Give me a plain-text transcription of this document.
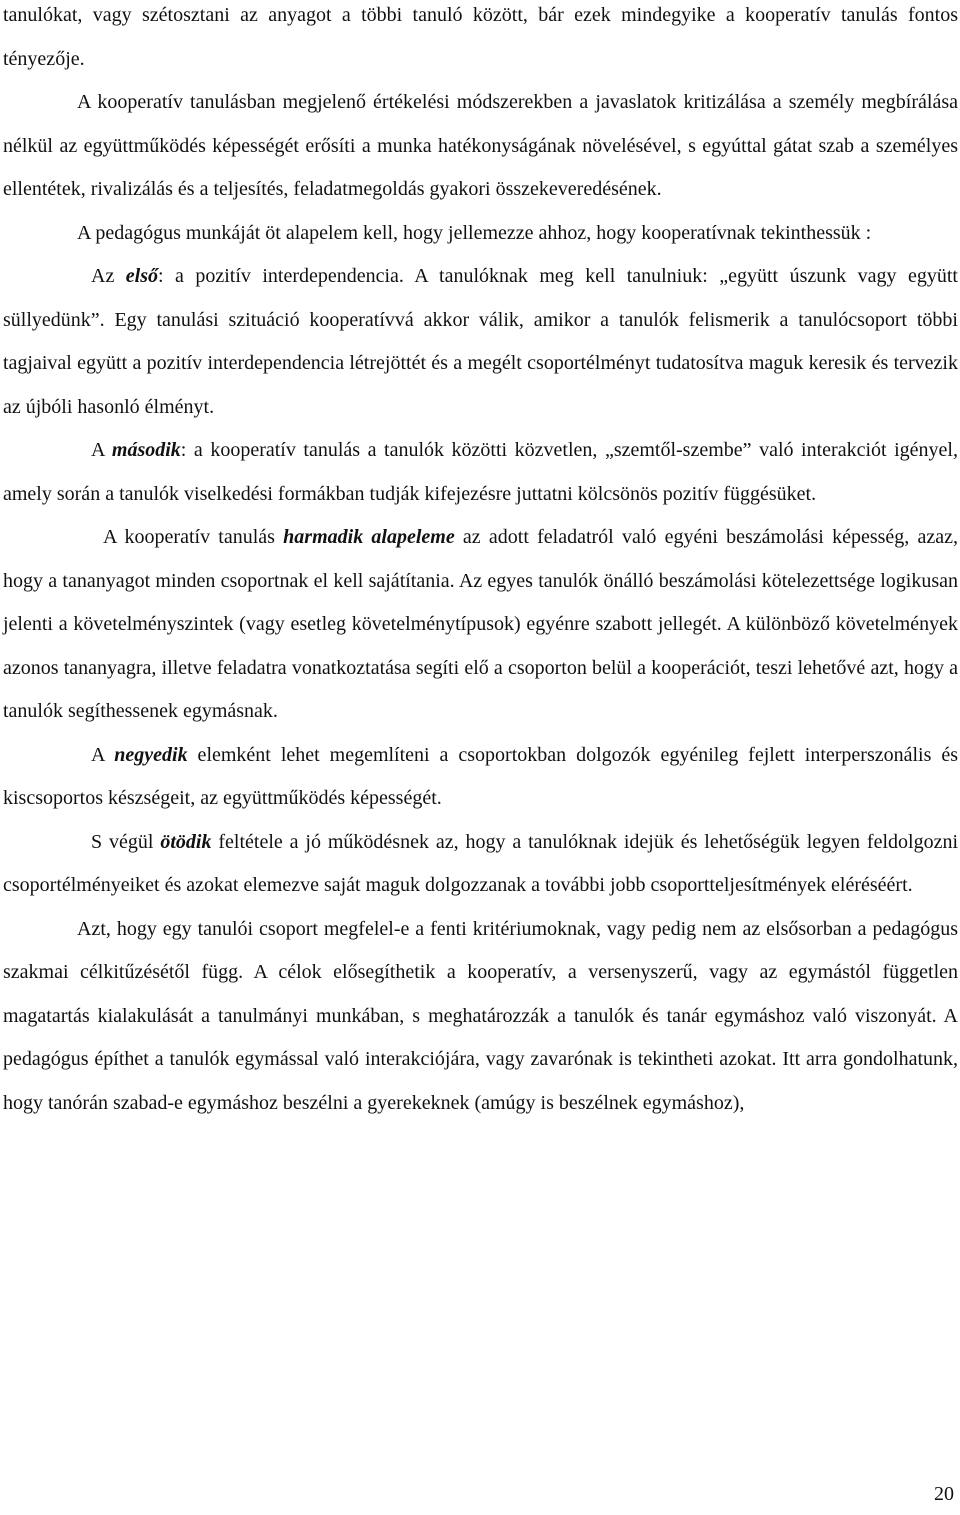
tanulókat, vagy szétosztani az anyagot a többi tanuló között, bár ezek mindegyike a kooperatív tanulás fontos tényezője.

A kooperatív tanulásban megjelenő értékelési módszerekben a javaslatok kritizálása a személy megbírálása nélkül az együttműködés képességét erősíti a munka hatékonyságának növelésével, s egyúttal gátat szab a személyes ellentétek, rivalizálás és a teljesítés, feladatmegoldás gyakori összekeveredésének.

A pedagógus munkáját öt alapelem kell, hogy jellemezze ahhoz, hogy kooperatívnak tekinthessük :

Az első: a pozitív interdependencia. A tanulóknak meg kell tanulniuk: „együtt úszunk vagy együtt süllyedünk”. Egy tanulási szituáció kooperatívvá akkor válik, amikor a tanulók felismerik a tanulócsoport többi tagjaival együtt a pozitív interdependencia létrejöttét és a megélt csoportélményt tudatosítva maguk keresik és tervezik az újbóli hasonló élményt.

A második: a kooperatív tanulás a tanulók közötti közvetlen, „szemtől-szembe” való interakciót igényel, amely során a tanulók viselkedési formákban tudják kifejezésre juttatni kölcsönös pozitív függésüket.

A kooperatív tanulás harmadik alapeleme az adott feladatról való egyéni beszámolási képesség, azaz, hogy a tananyagot minden csoportnak el kell sajátítania. Az egyes tanulók önálló beszámolási kötelezettsége logikusan jelenti a követelményszintek (vagy esetleg követelménytípusok) egyénre szabott jellegét. A különböző követelmények azonos tananyagra, illetve feladatra vonatkoztatása segíti elő a csoporton belül a kooperációt, teszi lehetővé azt, hogy a tanulók segíthessenek egymásnak.

A negyedik elemként lehet megemlíteni a csoportokban dolgozók egyénileg fejlett interperszonális és kiscsoportos készségeit, az együttműködés képességét.

S végül ötödik feltétele a jó működésnek az, hogy a tanulóknak idejük és lehetőségük legyen feldolgozni csoportélményeiket és azokat elemezve saját maguk dolgozzanak a további jobb csoportteljesítmények eléréséért.

Azt, hogy egy tanulói csoport megfelel-e a fenti kritériumoknak, vagy pedig nem az elsősorban a pedagógus szakmai célkitűzésétől függ. A célok elősegíthetik a kooperatív, a versenyszerű, vagy az egymástól független magatartás kialakulását a tanulmányi munkában, s meghatározzák a tanulók és tanár egymáshoz való viszonyát. A pedagógus építhet a tanulók egymással való interakciójára, vagy zavarónak is tekintheti azokat. Itt arra gondolhatunk, hogy tanórán szabad-e egymáshoz beszélni a gyerekeknek (amúgy is beszélnek egymáshoz),

20
